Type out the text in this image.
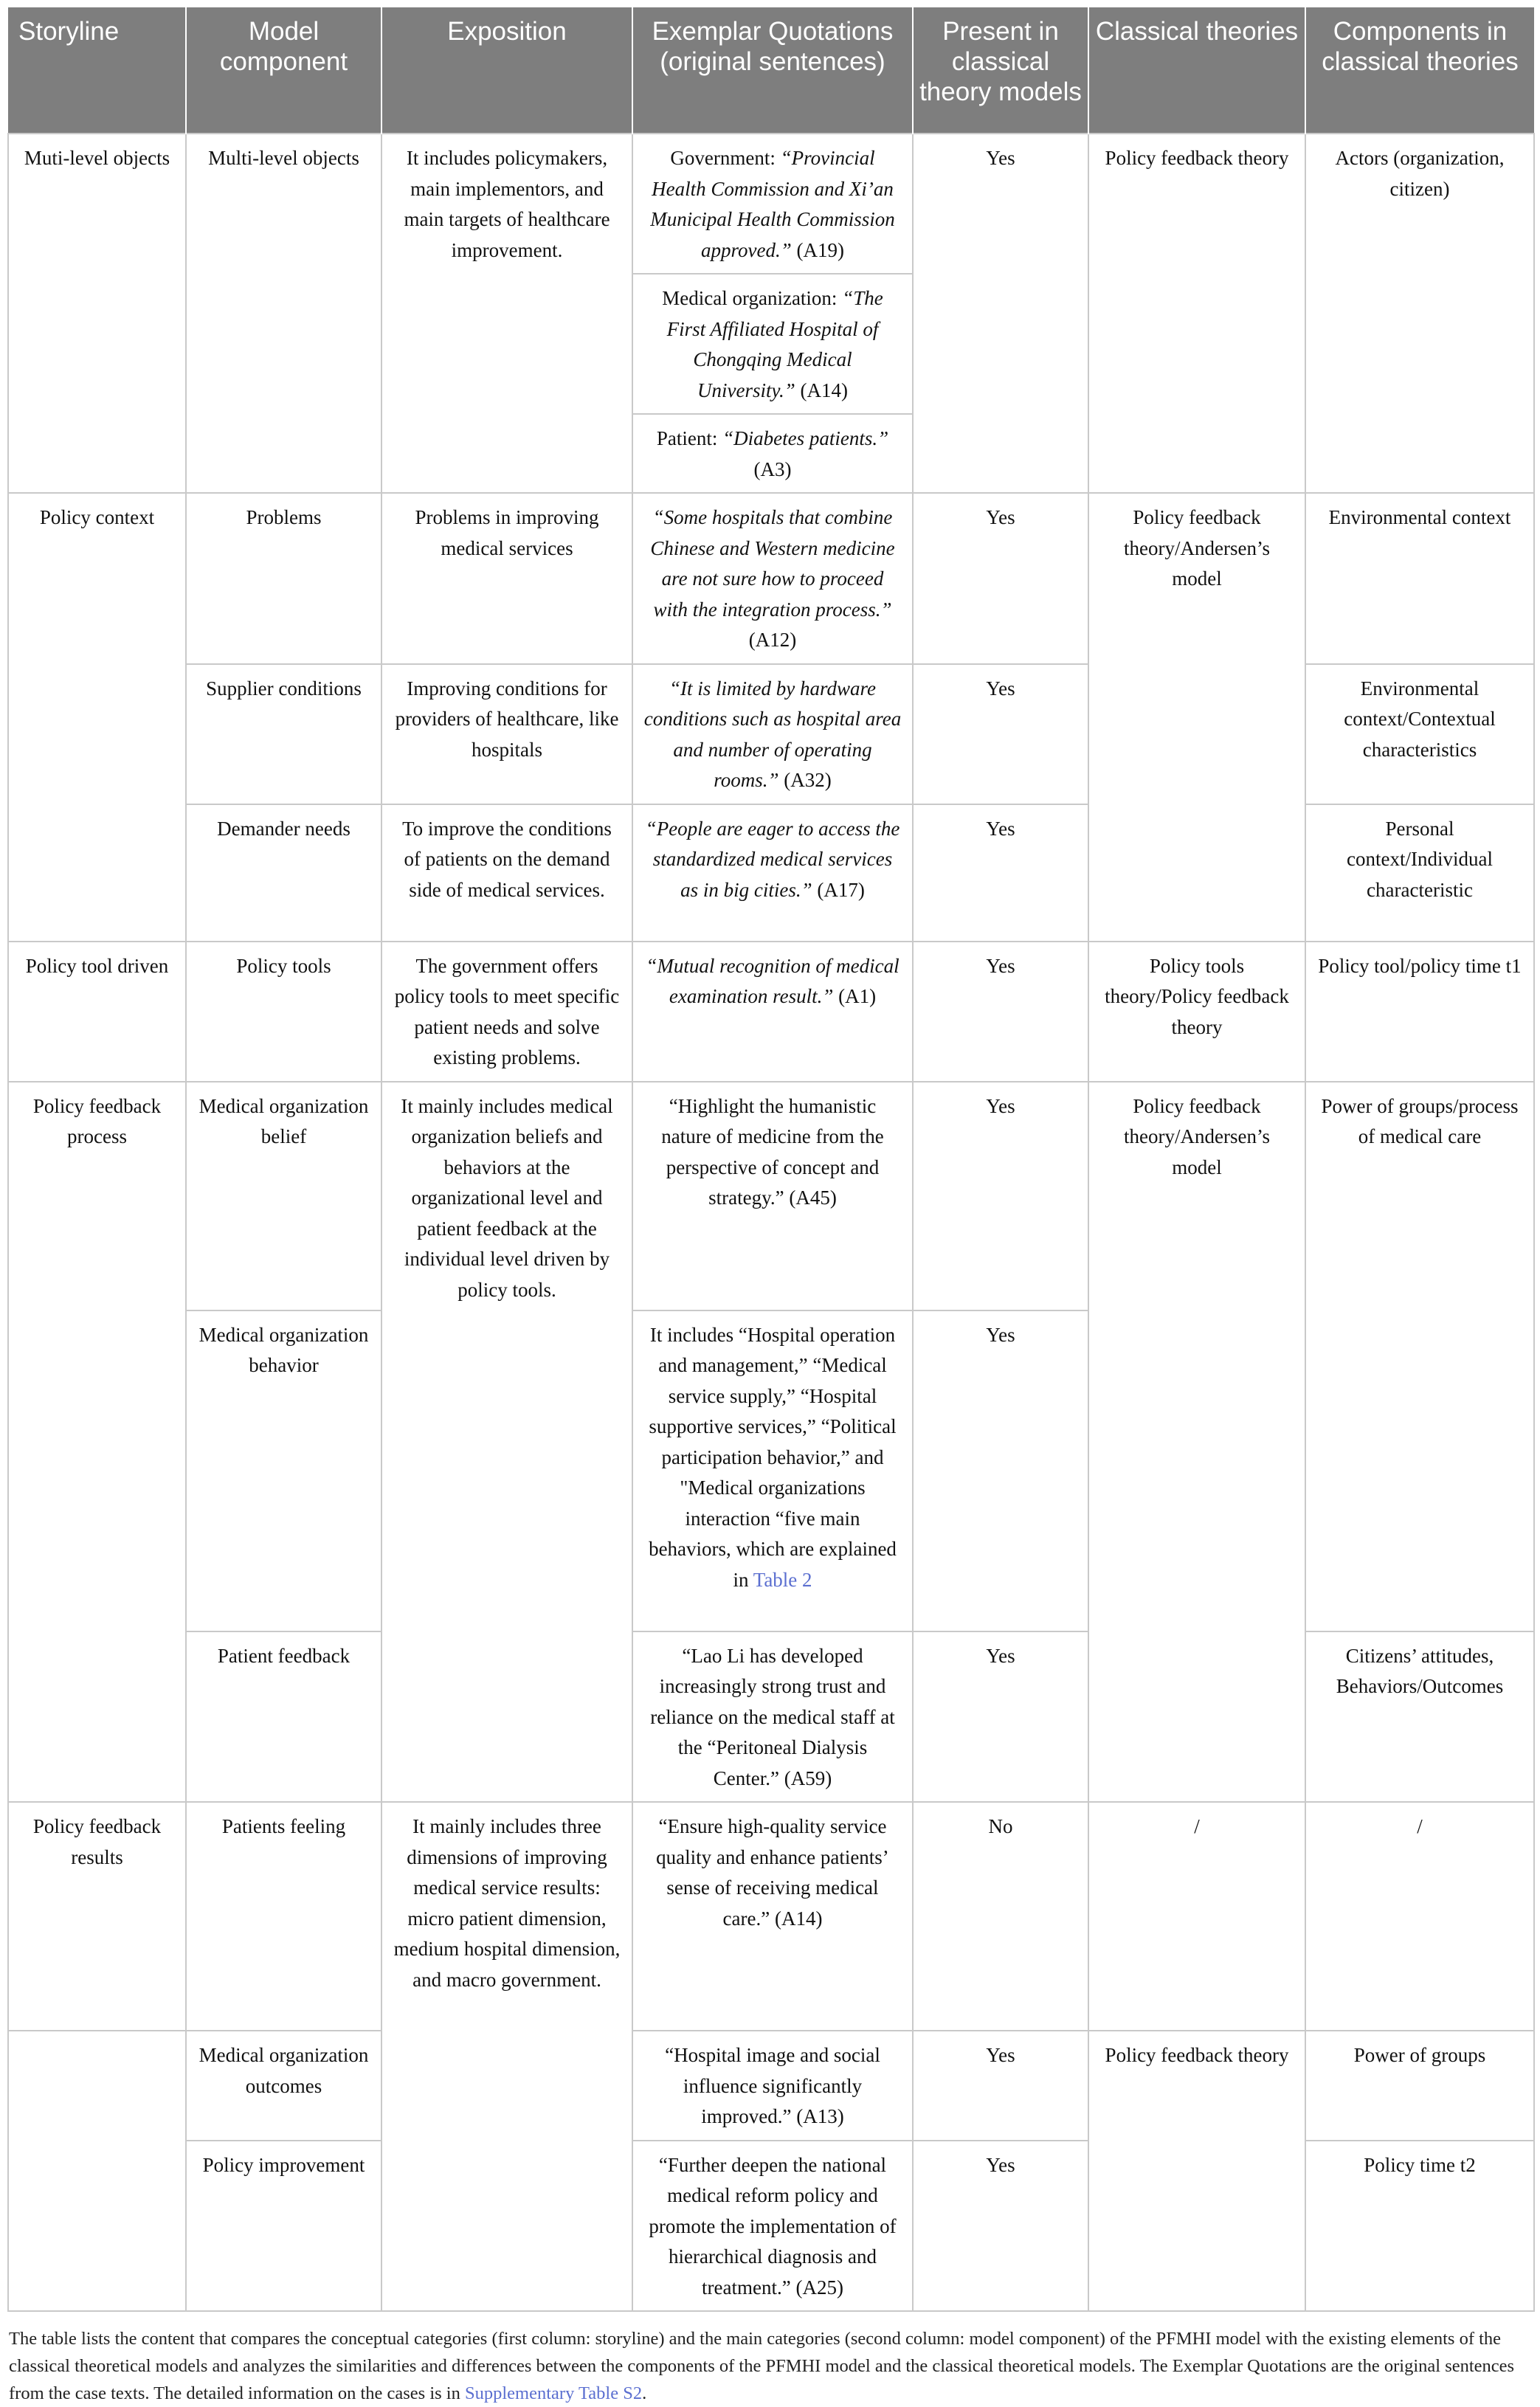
Storyline	Model component	Exposition	Exemplar Quotations (original sentences)	Present in classical theory models	Classical theories	Components in classical theories
Muti-level objects	Multi-level objects	It includes policymakers, main implementors, and main targets of healthcare improvement.	Government: “Provincial Health Commission and Xi’an Municipal Health Commission approved.” (A19)	Yes	Policy feedback theory	Actors (organization, citizen)
			Medical organization: “The First Affiliated Hospital of Chongqing Medical University.” (A14)			
			Patient: “Diabetes patients.” (A3)			
Policy context	Problems	Problems in improving medical services	“Some hospitals that combine Chinese and Western medicine are not sure how to proceed with the integration process.” (A12)	Yes	Policy feedback theory/Andersen’s model	Environmental context
	Supplier conditions	Improving conditions for providers of healthcare, like hospitals	“It is limited by hardware conditions such as hospital area and number of operating rooms.” (A32)	Yes		Environmental context/Contextual characteristics
	Demander needs	To improve the conditions of patients on the demand side of medical services.	“People are eager to access the standardized medical services as in big cities.” (A17)	Yes		Personal context/Individual characteristic
Policy tool driven	Policy tools	The government offers policy tools to meet specific patient needs and solve existing problems.	“Mutual recognition of medical examination result.” (A1)	Yes	Policy tools theory/Policy feedback theory	Policy tool/policy time t1
Policy feedback process	Medical organization belief	It mainly includes medical organization beliefs and behaviors at the organizational level and patient feedback at the individual level driven by policy tools.	“Highlight the humanistic nature of medicine from the perspective of concept and strategy.” (A45)	Yes	Policy feedback theory/Andersen’s model	Power of groups/process of medical care
	Medical organization behavior		It includes “Hospital operation and management,” “Medical service supply,” “Hospital supportive services,” “Political participation behavior,” and "Medical organizations interaction “five main behaviors, which are explained in Table 2	Yes		
	Patient feedback		“Lao Li has developed increasingly strong trust and reliance on the medical staff at the “Peritoneal Dialysis Center.” (A59)	Yes		Citizens’ attitudes, Behaviors/Outcomes
Policy feedback results	Patients feeling	It mainly includes three dimensions of improving medical service results: micro patient dimension, medium hospital dimension, and macro government.	“Ensure high-quality service quality and enhance patients’ sense of receiving medical care.” (A14)	No	/	/
	Medical organization outcomes		“Hospital image and social influence significantly improved.” (A13)	Yes	Policy feedback theory	Power of groups
	Policy improvement		“Further deepen the national medical reform policy and promote the implementation of hierarchical diagnosis and treatment.” (A25)	Yes		Policy time t2
The table lists the content that compares the conceptual categories (first column: storyline) and the main categories (second column: model component) of the PFMHI model with the existing elements of the classical theoretical models and analyzes the similarities and differences between the components of the PFMHI model and the classical theoretical models. The Exemplar Quotations are the original sentences from the case texts. The detailed information on the cases is in Supplementary Table S2.
